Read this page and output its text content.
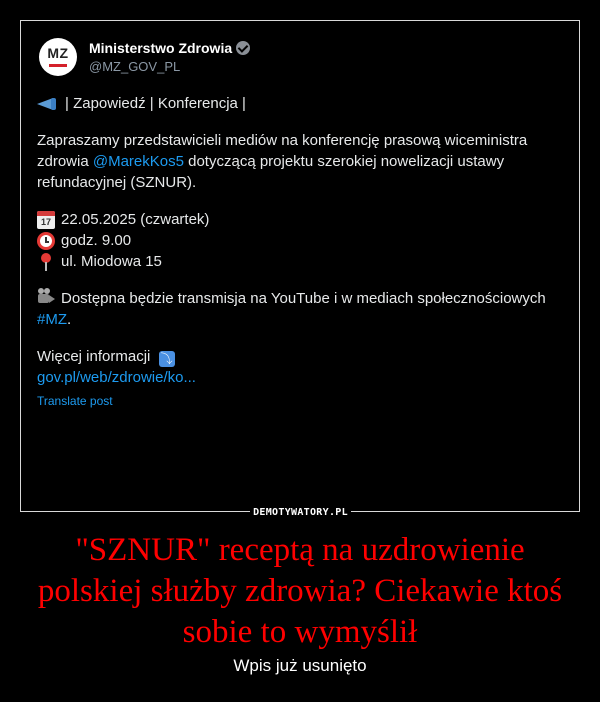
MZ	Ministerstwo Zdrowia
@MZ_GOV_PL
| Zapowiedź | Konferencja |
Zapraszamy przedstawicieli mediów na konferencję prasową wiceministra zdrowia @MarekKos5 dotyczącą projektu szerokiej nowelizacji ustawy refundacyjnej (SZNUR).
17 22.05.2025 (czwartek)
godz. 9.00
ul. Miodowa 15
Dostępna będzie transmisja na YouTube i w mediach społecznościowych #MZ.
Więcej informacji ⤵
gov.pl/web/zdrowie/ko...
Translate post
DEMOTYWATORY.PL
"SZNUR" receptą na uzdrowienie polskiej służby zdrowia? Ciekawie ktoś sobie to wymyślił
Wpis już usunięto
